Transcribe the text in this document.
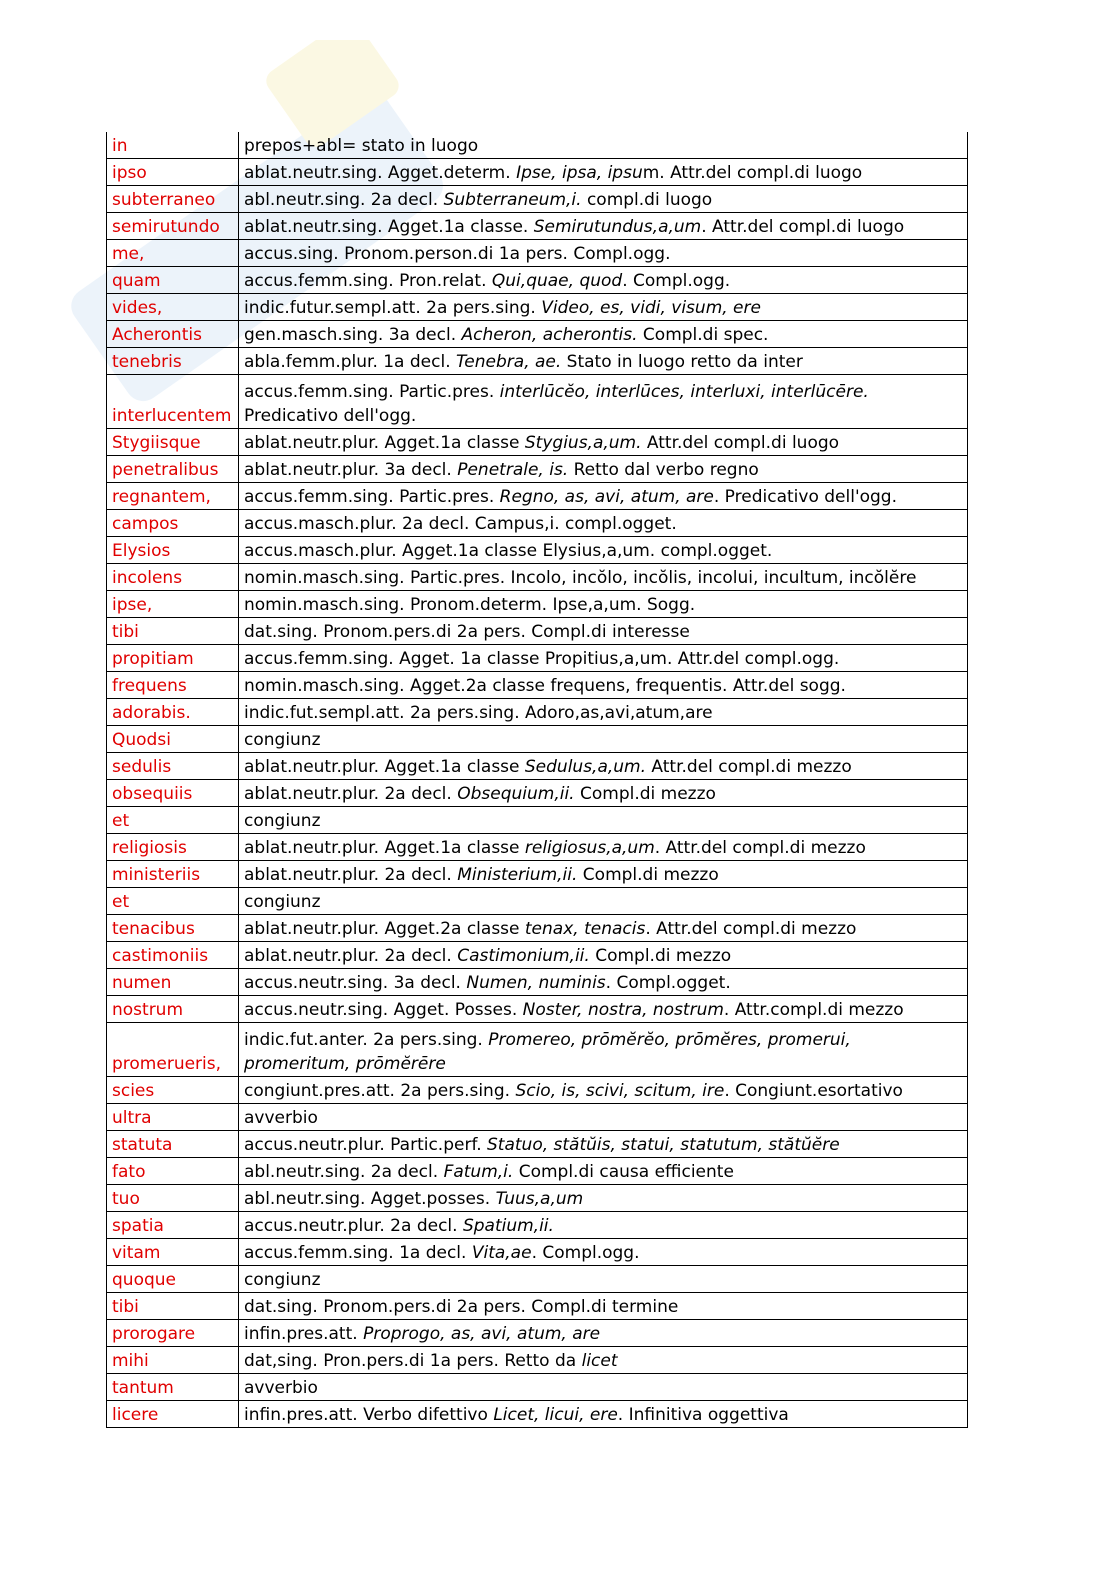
in	prepos+abl= stato in luogo
ipso	ablat.neutr.sing. Agget.determ. Ipse, ipsa, ipsum. Attr.del compl.di luogo
subterraneo	abl.neutr.sing. 2a decl. Subterraneum,i. compl.di luogo
semirutundo	ablat.neutr.sing. Agget.1a classe. Semirutundus,a,um. Attr.del compl.di luogo
me,	accus.sing. Pronom.person.di 1a pers. Compl.ogg.
quam	accus.femm.sing. Pron.relat. Qui,quae, quod. Compl.ogg.
vides,	indic.futur.sempl.att. 2a pers.sing. Video, es, vidi, visum, ere
Acherontis	gen.masch.sing. 3a decl. Acheron, acherontis. Compl.di spec.
tenebris	abla.femm.plur. 1a decl. Tenebra, ae. Stato in luogo retto da inter
interlucentem	accus.femm.sing. Partic.pres. interlūcĕo, interlūces, interluxi, interlūcēre. Predicativo dell'ogg.
Stygiisque	ablat.neutr.plur. Agget.1a classe Stygius,a,um. Attr.del compl.di luogo
penetralibus	ablat.neutr.plur. 3a decl. Penetrale, is. Retto dal verbo regno
regnantem,	accus.femm.sing. Partic.pres. Regno, as, avi, atum, are. Predicativo dell'ogg.
campos	accus.masch.plur. 2a decl. Campus,i. compl.ogget.
Elysios	accus.masch.plur. Agget.1a classe Elysius,a,um. compl.ogget.
incolens	nomin.masch.sing. Partic.pres. Incolo, incŏlo, incŏlis, incolui, incultum, incŏlĕre
ipse,	nomin.masch.sing. Pronom.determ. Ipse,a,um. Sogg.
tibi	dat.sing. Pronom.pers.di 2a pers. Compl.di interesse
propitiam	accus.femm.sing. Agget. 1a classe Propitius,a,um. Attr.del compl.ogg.
frequens	nomin.masch.sing. Agget.2a classe frequens, frequentis. Attr.del sogg.
adorabis.	indic.fut.sempl.att. 2a pers.sing. Adoro,as,avi,atum,are
Quodsi	congiunz
sedulis	ablat.neutr.plur. Agget.1a classe Sedulus,a,um. Attr.del compl.di mezzo
obsequiis	ablat.neutr.plur. 2a decl. Obsequium,ii. Compl.di mezzo
et	congiunz
religiosis	ablat.neutr.plur. Agget.1a classe religiosus,a,um. Attr.del compl.di mezzo
ministeriis	ablat.neutr.plur. 2a decl. Ministerium,ii. Compl.di mezzo
et	congiunz
tenacibus	ablat.neutr.plur. Agget.2a classe tenax, tenacis. Attr.del compl.di mezzo
castimoniis	ablat.neutr.plur. 2a decl. Castimonium,ii. Compl.di mezzo
numen	accus.neutr.sing. 3a decl. Numen, numinis. Compl.ogget.
nostrum	accus.neutr.sing. Agget. Posses. Noster, nostra, nostrum. Attr.compl.di mezzo
promerueris,	indic.fut.anter. 2a pers.sing. Promereo, prōmĕrĕo, prōmĕres, promerui, promeritum, prōmĕrēre
scies	congiunt.pres.att. 2a pers.sing. Scio, is, scivi, scitum, ire. Congiunt.esortativo
ultra	avverbio
statuta	accus.neutr.plur. Partic.perf. Statuo, stătŭis, statui, statutum, stătŭĕre
fato	abl.neutr.sing. 2a decl. Fatum,i. Compl.di causa efficiente
tuo	abl.neutr.sing. Agget.posses. Tuus,a,um
spatia	accus.neutr.plur. 2a decl. Spatium,ii.
vitam	accus.femm.sing. 1a decl. Vita,ae. Compl.ogg.
quoque	congiunz
tibi	dat.sing. Pronom.pers.di 2a pers. Compl.di termine
prorogare	infin.pres.att. Proprogo, as, avi, atum, are
mihi	dat,sing. Pron.pers.di 1a pers. Retto da licet
tantum	avverbio
licere	infin.pres.att. Verbo difettivo Licet, licui, ere. Infinitiva oggettiva
